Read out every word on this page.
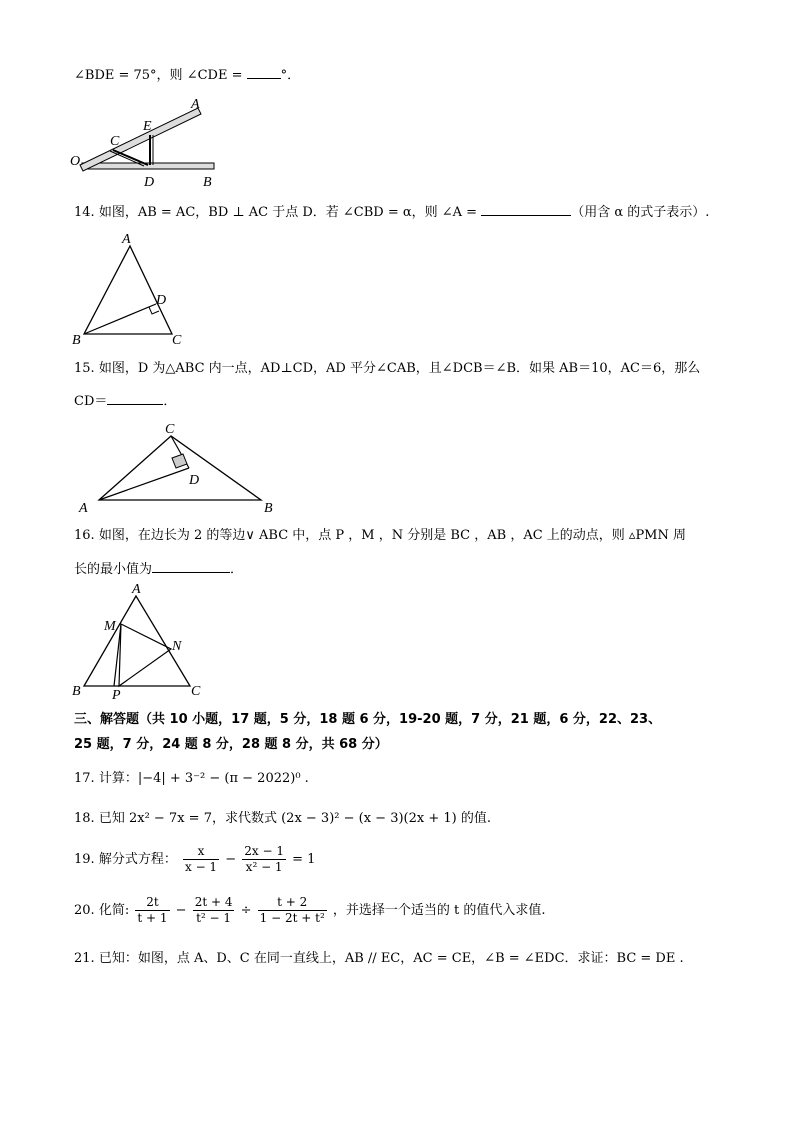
∠BDE = 75°，则 ∠CDE =	°．
O
C
E
A
D	B
14. 如图，AB = AC，BD ⊥ AC 于点 D．若 ∠CBD = α，则 ∠A =	（用含 α 的式子表示）.
A
D
B	C
15. 如图，D 为△ABC 内一点，AD⊥CD，AD 平分∠CAB，且∠DCB＝∠B．如果 AB＝10，AC＝6，那么
CD＝	．
C
D
A	B
16. 如图，在边长为 2 的等边∨ ABC 中，点 P ，M ，N 分别是 BC ，AB ，AC 上的动点，则 ▵PMN 周
长的最小值为	．
A
M
N
B P	C
三、解答题（共 10 小题，17 题，5 分，18 题 6 分，19-20 题，7 分，21 题，6 分，22、23、
25 题，7 分，24 题 8 分，28 题 8 分，共 68 分）
17. 计算：|−4| + 3⁻² − (π − 2022)⁰ .
18. 已知 2x² − 7x = 7，求代数式 (2x − 3)² − (x − 3)(2x + 1) 的值.
19. 解分式方程： $\frac{x}{x - 1} - \frac{2x - 1}{\text{x² − 1}} = 1$
20. 化简: $\frac{2t}{t + 1} - \frac{2t + 4}{\text{t² − 1}} \div \frac{t + 2}{\text{1 − 2t + t²}}$ ，并选择一个适当的 t 的值代入求值.
21. 已知：如图，点 A、D、C 在同一直线上，AB // EC，AC = CE，∠B = ∠EDC．求证：BC = DE .
